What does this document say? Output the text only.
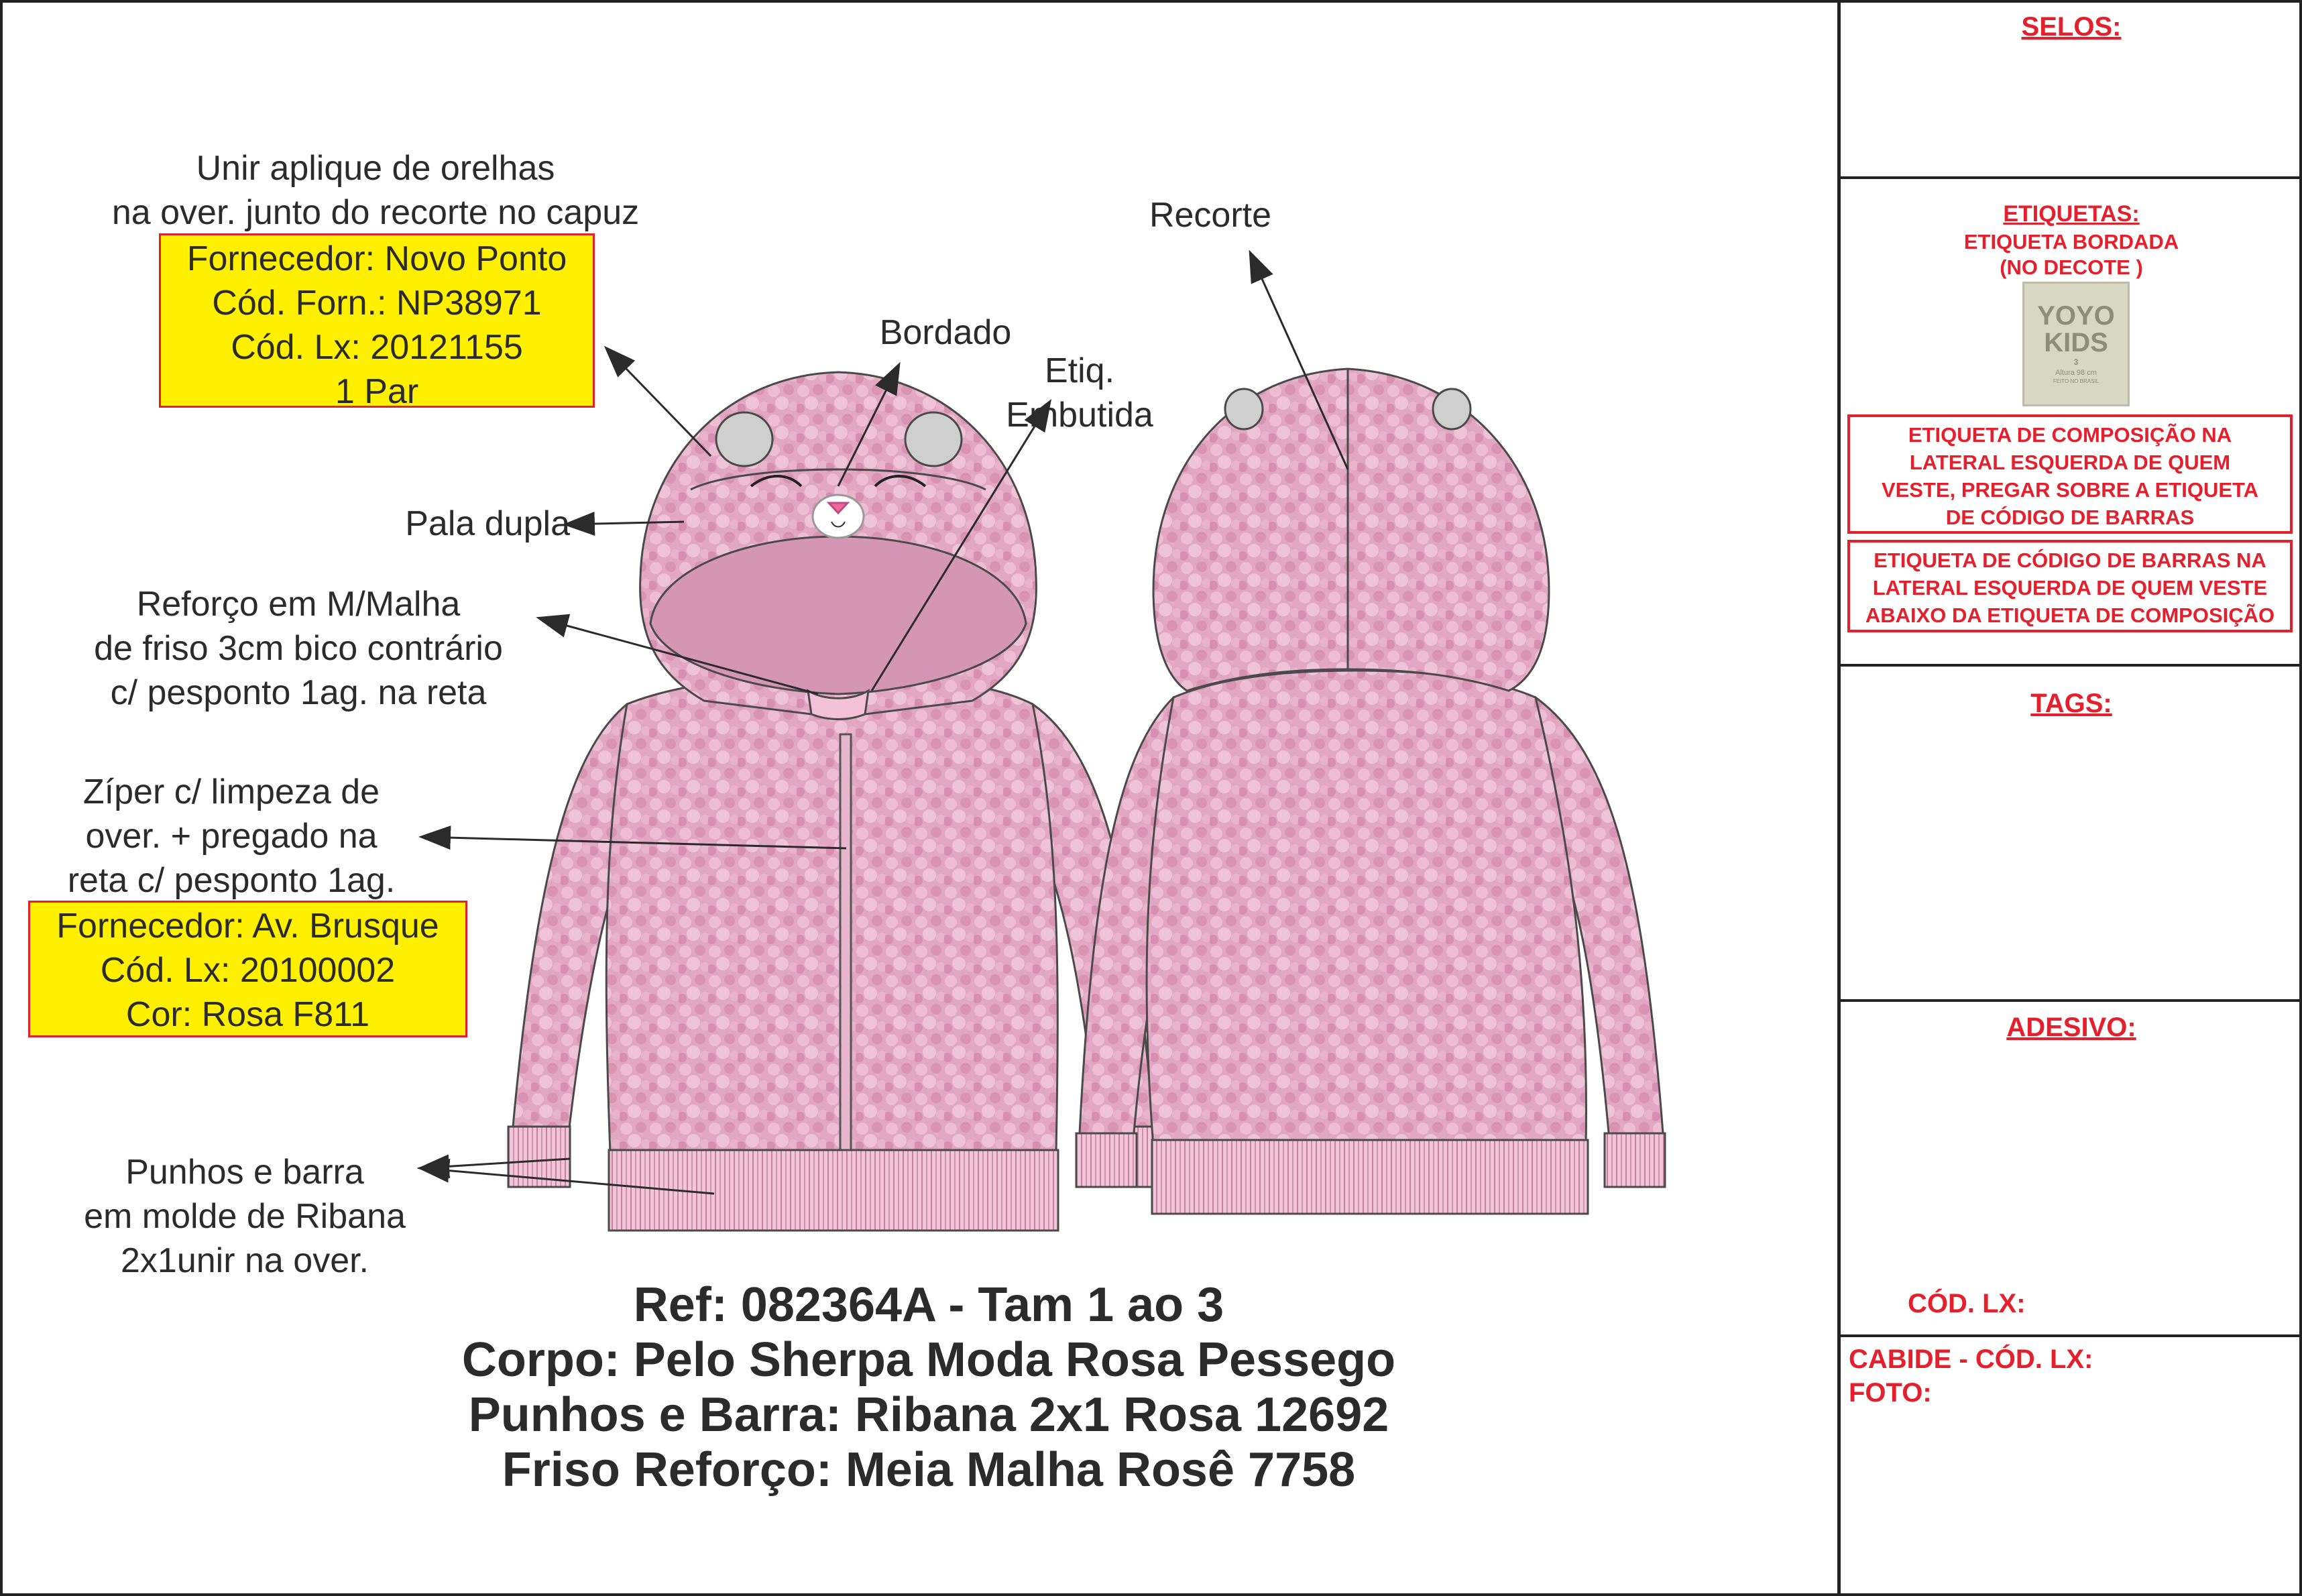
Unir aplique de orelhas
na over. junto do recorte no capuz
Fornecedor: Novo Ponto
Cód. Forn.: NP38971
Cód. Lx: 20121155
1 Par
Bordado
Recorte
Etiq.
Embutida
Pala dupla
Reforço em M/Malha
de friso 3cm bico contrário
c/ pesponto 1ag. na reta
Zíper c/ limpeza de
over. + pregado na
reta c/ pesponto 1ag.
Fornecedor: Av. Brusque
Cód. Lx: 20100002
Cor: Rosa F811
Punhos e barra
em molde de Ribana
2x1unir na over.
Ref: 082364A - Tam 1 ao 3
Corpo: Pelo Sherpa Moda Rosa Pessego
Punhos e Barra: Ribana 2x1 Rosa 12692
Friso Reforço: Meia Malha Rosê 7758
SELOS:
ETIQUETAS:
ETIQUETA BORDADA
(NO DECOTE )
YOYO
KIDS
3
Altura 98 cm
FEITO NO BRASIL
ETIQUETA DE COMPOSIÇÃO NA
LATERAL ESQUERDA DE QUEM
VESTE, PREGAR SOBRE A ETIQUETA
DE CÓDIGO DE BARRAS
ETIQUETA DE CÓDIGO DE BARRAS NA
LATERAL ESQUERDA DE QUEM VESTE
ABAIXO DA ETIQUETA DE COMPOSIÇÃO
TAGS:
ADESIVO:
CÓD. LX:
CABIDE - CÓD. LX:
FOTO:
